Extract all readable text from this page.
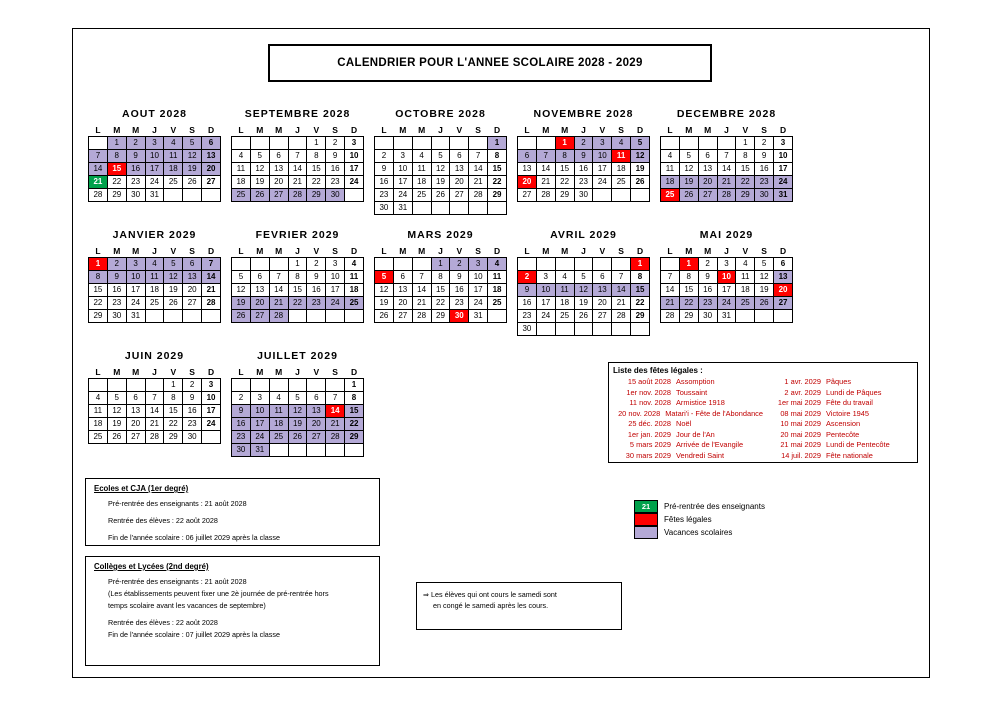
CALENDRIER POUR L'ANNEE SCOLAIRE 2028 - 2029
AOUT 2028
L	M	M	J	V	S	D
	1	2	3	4	5	6
7	8	9	10	11	12	13
14	15	16	17	18	19	20
21	22	23	24	25	26	27
28	29	30	31			
SEPTEMBRE 2028
L	M	M	J	V	S	D
				1	2	3
4	5	6	7	8	9	10
11	12	13	14	15	16	17
18	19	20	21	22	23	24
25	26	27	28	29	30	
OCTOBRE 2028
L	M	M	J	V	S	D
						1
2	3	4	5	6	7	8
9	10	11	12	13	14	15
16	17	18	19	20	21	22
23	24	25	26	27	28	29
30	31					
NOVEMBRE 2028
L	M	M	J	V	S	D
		1	2	3	4	5
6	7	8	9	10	11	12
13	14	15	16	17	18	19
20	21	22	23	24	25	26
27	28	29	30			
DECEMBRE 2028
L	M	M	J	V	S	D
				1	2	3
4	5	6	7	8	9	10
11	12	13	14	15	16	17
18	19	20	21	22	23	24
25	26	27	28	29	30	31
JANVIER 2029
L	M	M	J	V	S	D
1	2	3	4	5	6	7
8	9	10	11	12	13	14
15	16	17	18	19	20	21
22	23	24	25	26	27	28
29	30	31				
FEVRIER 2029
L	M	M	J	V	S	D
			1	2	3	4
5	6	7	8	9	10	11
12	13	14	15	16	17	18
19	20	21	22	23	24	25
26	27	28				
MARS 2029
L	M	M	J	V	S	D
			1	2	3	4
5	6	7	8	9	10	11
12	13	14	15	16	17	18
19	20	21	22	23	24	25
26	27	28	29	30	31	
AVRIL 2029
L	M	M	J	V	S	D
						1
2	3	4	5	6	7	8
9	10	11	12	13	14	15
16	17	18	19	20	21	22
23	24	25	26	27	28	29
30						
MAI 2029
L	M	M	J	V	S	D
	1	2	3	4	5	6
7	8	9	10	11	12	13
14	15	16	17	18	19	20
21	22	23	24	25	26	27
28	29	30	31			
JUIN 2029
L	M	M	J	V	S	D
				1	2	3
4	5	6	7	8	9	10
11	12	13	14	15	16	17
18	19	20	21	22	23	24
25	26	27	28	29	30	
JUILLET 2029
L	M	M	J	V	S	D
						1
2	3	4	5	6	7	8
9	10	11	12	13	14	15
16	17	18	19	20	21	22
23	24	25	26	27	28	29
30	31					
Liste des fêtes légales :
15 août 2028 Assomption
1er nov. 2028 Toussaint
11 nov. 2028 Armistice 1918
20 nov. 2028 Matari'i - Fête de l'Abondance
25 déc. 2028 Noël
1er jan. 2029 Jour de l'An
5 mars 2029 Arrivée de l'Evangile
30 mars 2029 Vendredi Saint
1 avr. 2029 Pâques
2 avr. 2029 Lundi de Pâques
1er mai 2029 Fête du travail
08 mai 2029 Victoire 1945
10 mai 2029 Ascension
20 mai 2029 Pentecôte
21 mai 2029 Lundi de Pentecôte
14 juil. 2029 Fête nationale
21	Pré-rentrée des enseignants
Fêtes légales
Vacances scolaires
Ecoles et CJA (1er degré)
Pré-rentrée des enseignants : 21 août 2028
Rentrée des élèves : 22 août 2028
Fin de l'année scolaire : 06 juillet 2029 après la classe
Collèges et Lycées (2nd degré)
Pré-rentrée des enseignants : 21 août 2028
(Les établissements peuvent fixer une 2è journée de pré-rentrée hors
temps scolaire avant les vacances de septembre)
Rentrée des élèves : 22 août 2028
Fin de l'année scolaire : 07 juillet 2029 après la classe
⇒ Les élèves qui ont cours le samedi sont
en congé le samedi après les cours.
